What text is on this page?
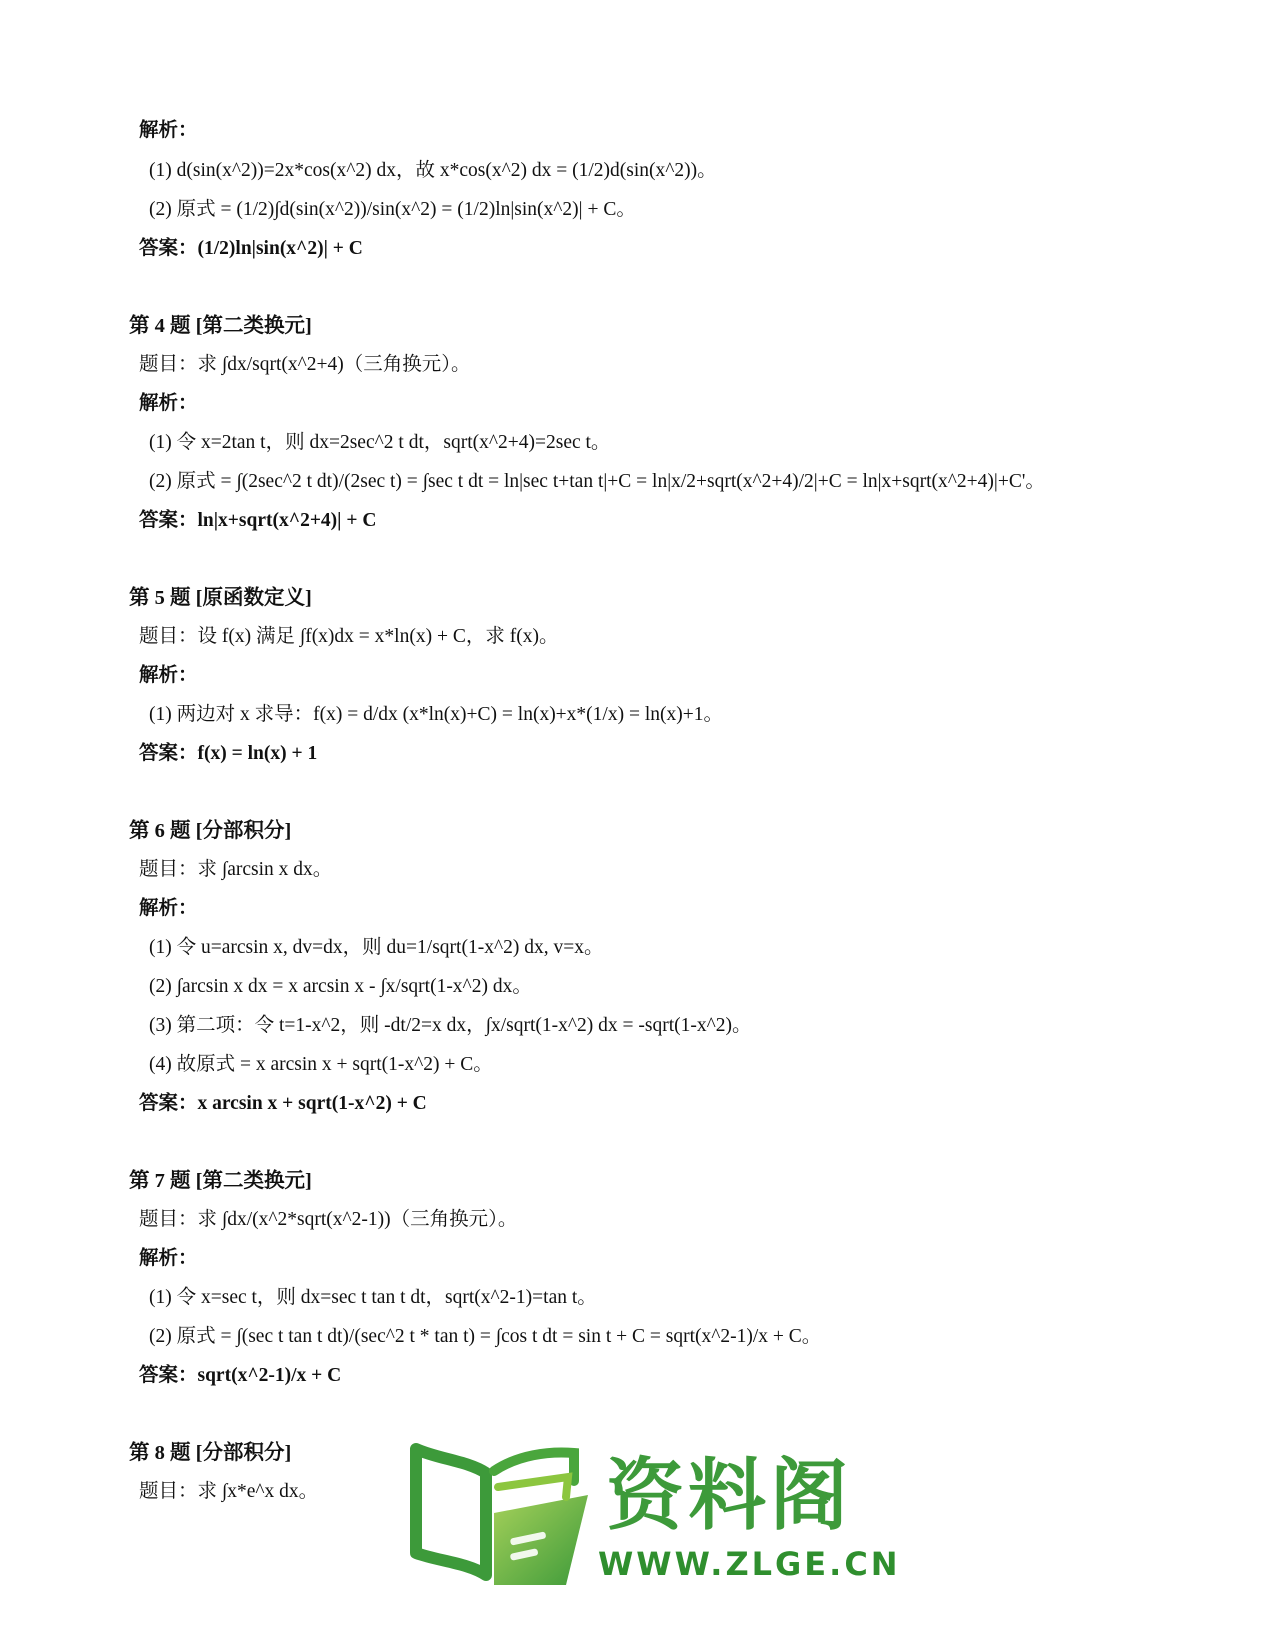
解析：
(1) d(sin(x^2))=2x*cos(x^2) dx，故 x*cos(x^2) dx = (1/2)d(sin(x^2))。
(2) 原式 = (1/2)∫d(sin(x^2))/sin(x^2) = (1/2)ln|sin(x^2)| + C。
答案：(1/2)ln|sin(x^2)| + C
第 4 题 [第二类换元]
题目：求 ∫dx/sqrt(x^2+4)（三角换元）。
解析：
(1) 令 x=2tan t，则 dx=2sec^2 t dt，sqrt(x^2+4)=2sec t。
(2) 原式 = ∫(2sec^2 t dt)/(2sec t) = ∫sec t dt = ln|sec t+tan t|+C = ln|x/2+sqrt(x^2+4)/2|+C = ln|x+sqrt(x^2+4)|+C'。
答案：ln|x+sqrt(x^2+4)| + C
第 5 题 [原函数定义]
题目：设 f(x) 满足 ∫f(x)dx = x*ln(x) + C，求 f(x)。
解析：
(1) 两边对 x 求导：f(x) = d/dx (x*ln(x)+C) = ln(x)+x*(1/x) = ln(x)+1。
答案：f(x) = ln(x) + 1
第 6 题 [分部积分]
题目：求 ∫arcsin x dx。
解析：
(1) 令 u=arcsin x, dv=dx，则 du=1/sqrt(1-x^2) dx, v=x。
(2) ∫arcsin x dx = x arcsin x - ∫x/sqrt(1-x^2) dx。
(3) 第二项：令 t=1-x^2，则 -dt/2=x dx，∫x/sqrt(1-x^2) dx = -sqrt(1-x^2)。
(4) 故原式 = x arcsin x + sqrt(1-x^2) + C。
答案：x arcsin x + sqrt(1-x^2) + C
第 7 题 [第二类换元]
题目：求 ∫dx/(x^2*sqrt(x^2-1))（三角换元）。
解析：
(1) 令 x=sec t，则 dx=sec t tan t dt，sqrt(x^2-1)=tan t。
(2) 原式 = ∫(sec t tan t dt)/(sec^2 t * tan t) = ∫cos t dt = sin t + C = sqrt(x^2-1)/x + C。
答案：sqrt(x^2-1)/x + C
第 8 题 [分部积分]
题目：求 ∫x*e^x dx。	资料阁
WWW.ZLGE.CN
